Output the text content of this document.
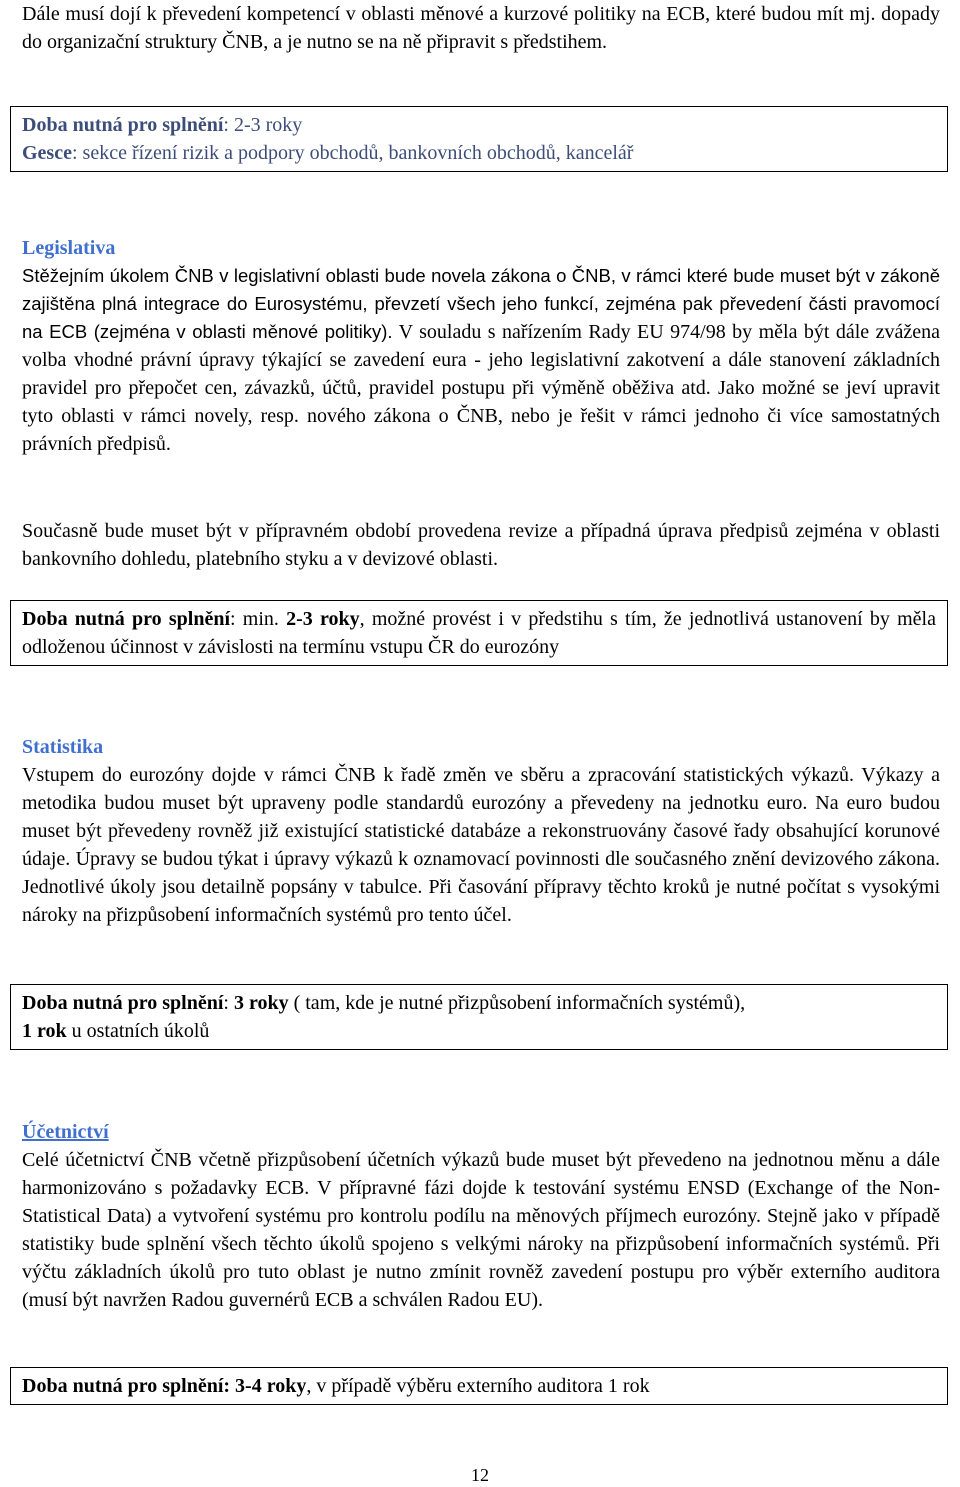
Dále musí dojí k převedení kompetencí v oblasti měnové a kurzové politiky na ECB, které budou mít mj. dopady do organizační struktury ČNB, a je nutno se na ně připravit s předstihem.

Doba nutná pro splnění: 2-3 roky

Gesce: sekce řízení rizik a podpory obchodů, bankovních obchodů, kancelář

Legislativa

Stěžejním úkolem ČNB v legislativní oblasti bude novela zákona o ČNB, v rámci které bude muset být v zákoně zajištěna plná integrace do Eurosystému, převzetí všech jeho funkcí, zejména pak převedení části pravomocí na ECB (zejména v oblasti měnové politiky). V souladu s nařízením Rady EU 974/98 by měla být dále zvážena volba vhodné právní úpravy týkající se zavedení eura - jeho legislativní zakotvení a dále stanovení základních pravidel pro přepočet cen, závazků, účtů, pravidel postupu při výměně oběživa atd. Jako možné se jeví upravit tyto oblasti v rámci novely, resp. nového zákona o ČNB, nebo je řešit v rámci jednoho či více samostatných právních předpisů.

Současně bude muset být v přípravném období provedena revize a případná úprava předpisů zejména v oblasti bankovního dohledu, platebního styku a v devizové oblasti.

Doba nutná pro splnění: min. 2-3 roky, možné provést i v předstihu s tím, že jednotlivá ustanovení by měla odloženou účinnost v závislosti na termínu vstupu ČR do eurozóny

Statistika

Vstupem do eurozóny dojde v rámci ČNB k řadě změn ve sběru a zpracování statistických výkazů. Výkazy a metodika budou muset být upraveny podle standardů eurozóny a převedeny na jednotku euro. Na euro budou muset být převedeny rovněž již existující statistické databáze a rekonstruovány časové řady obsahující korunové údaje. Úpravy se budou týkat i úpravy výkazů k oznamovací povinnosti dle současného znění devizového zákona. Jednotlivé úkoly jsou detailně popsány v tabulce. Při časování přípravy těchto kroků je nutné počítat s vysokými nároky na přizpůsobení informačních systémů pro tento účel.

Doba nutná pro splnění: 3 roky ( tam, kde je nutné přizpůsobení informačních systémů),

1 rok u ostatních úkolů

Účetnictví

Celé účetnictví ČNB včetně přizpůsobení účetních výkazů bude muset být převedeno na jednotnou měnu a dále harmonizováno s požadavky ECB. V přípravné fázi dojde k testování systému ENSD (Exchange of the Non-Statistical Data) a vytvoření systému pro kontrolu podílu na měnových příjmech eurozóny. Stejně jako v případě statistiky bude splnění všech těchto úkolů spojeno s velkými nároky na přizpůsobení informačních systémů. Při výčtu základních úkolů pro tuto oblast je nutno zmínit rovněž zavedení postupu pro výběr externího auditora (musí být navržen Radou guvernérů ECB a schválen Radou EU).

Doba nutná pro splnění: 3-4 roky, v případě výběru externího auditora 1 rok

12
